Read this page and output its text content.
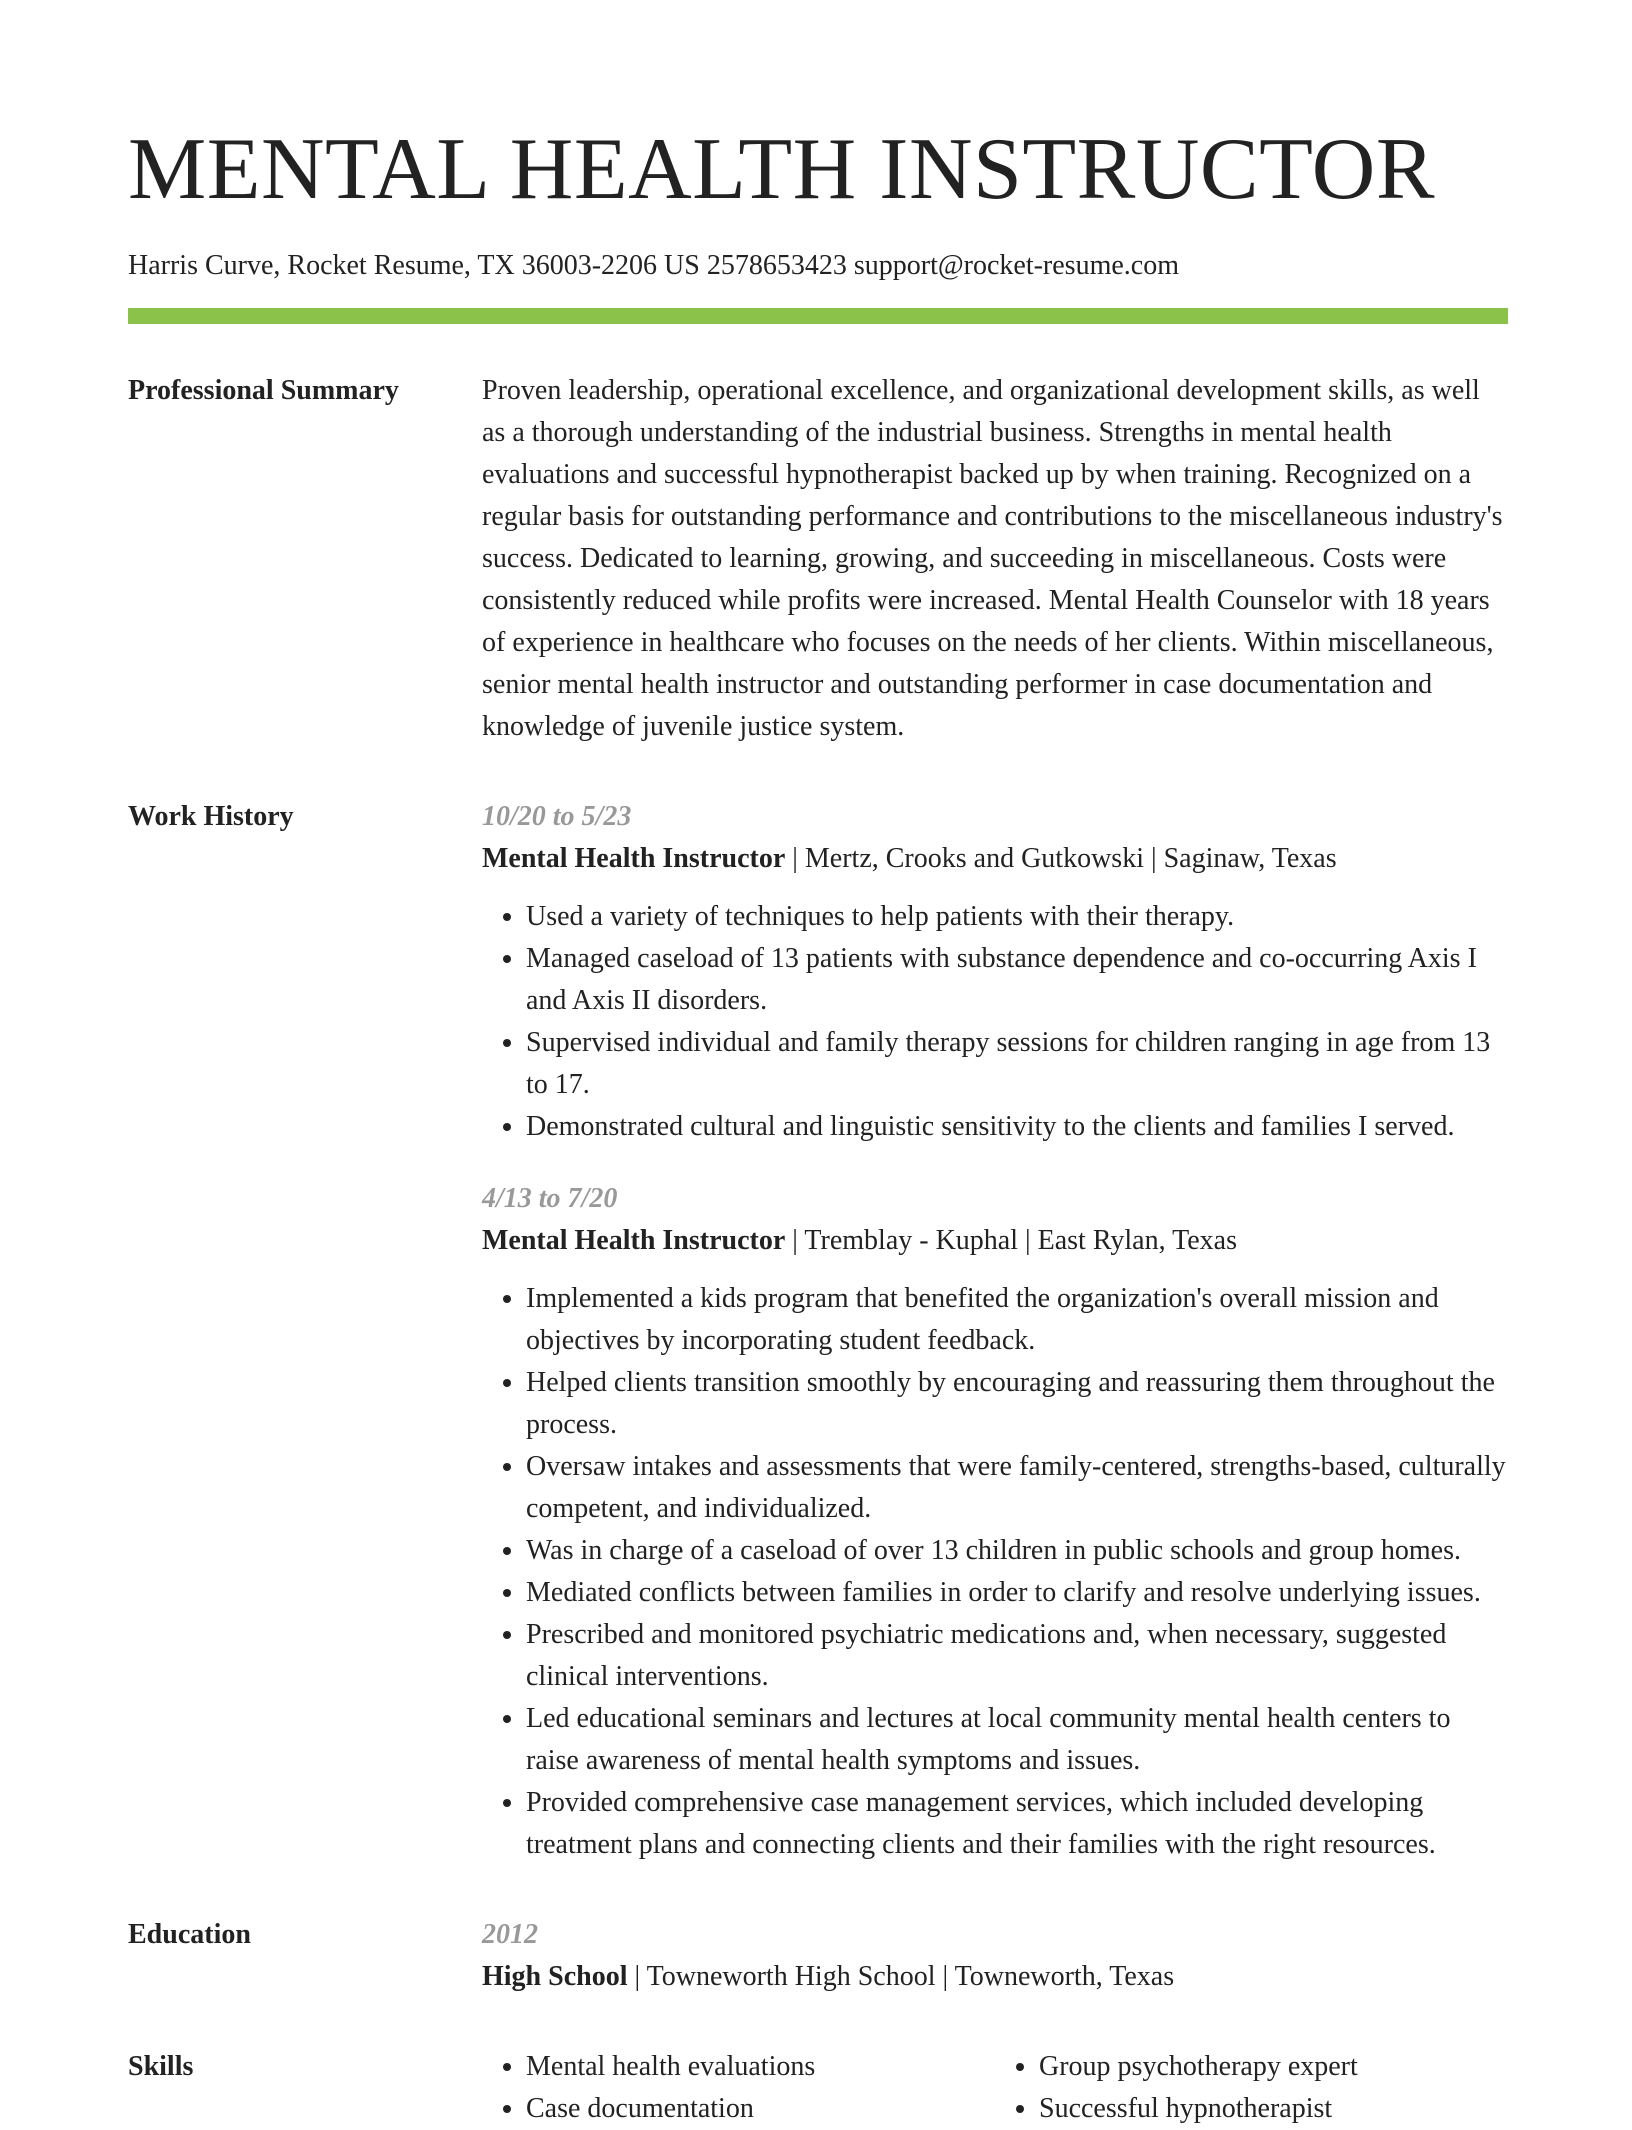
MENTAL HEALTH INSTRUCTOR
Harris Curve, Rocket Resume, TX 36003-2206 US 2578653423 support@rocket-resume.com
Professional Summary	Proven leadership, operational excellence, and organizational development skills, as well as a thorough understanding of the industrial business. Strengths in mental health evaluations and successful hypnotherapist backed up by when training. Recognized on a regular basis for outstanding performance and contributions to the miscellaneous industry's success. Dedicated to learning, growing, and succeeding in miscellaneous. Costs were consistently reduced while profits were increased. Mental Health Counselor with 18 years of experience in healthcare who focuses on the needs of her clients. Within miscellaneous, senior mental health instructor and outstanding performer in case documentation and knowledge of juvenile justice system.

Work History	10/20 to 5/23
Mental Health Instructor | Mertz, Crooks and Gutkowski | Saginaw, Texas
• Used a variety of techniques to help patients with their therapy.
• Managed caseload of 13 patients with substance dependence and co-occurring Axis I and Axis II disorders.
• Supervised individual and family therapy sessions for children ranging in age from 13 to 17.
• Demonstrated cultural and linguistic sensitivity to the clients and families I served.
4/13 to 7/20
Mental Health Instructor | Tremblay - Kuphal | East Rylan, Texas
• Implemented a kids program that benefited the organization's overall mission and objectives by incorporating student feedback.
• Helped clients transition smoothly by encouraging and reassuring them throughout the process.
• Oversaw intakes and assessments that were family-centered, strengths-based, culturally competent, and individualized.
• Was in charge of a caseload of over 13 children in public schools and group homes.
• Mediated conflicts between families in order to clarify and resolve underlying issues.
• Prescribed and monitored psychiatric medications and, when necessary, suggested clinical interventions.
• Led educational seminars and lectures at local community mental health centers to raise awareness of mental health symptoms and issues.
• Provided comprehensive case management services, which included developing treatment plans and connecting clients and their families with the right resources.
Education	2012

High School | Towneworth High School | Towneworth, Texas

Skills
•	Mental health evaluations
• Case documentation
• Group psychotherapy expert
• Successful hypnotherapist
